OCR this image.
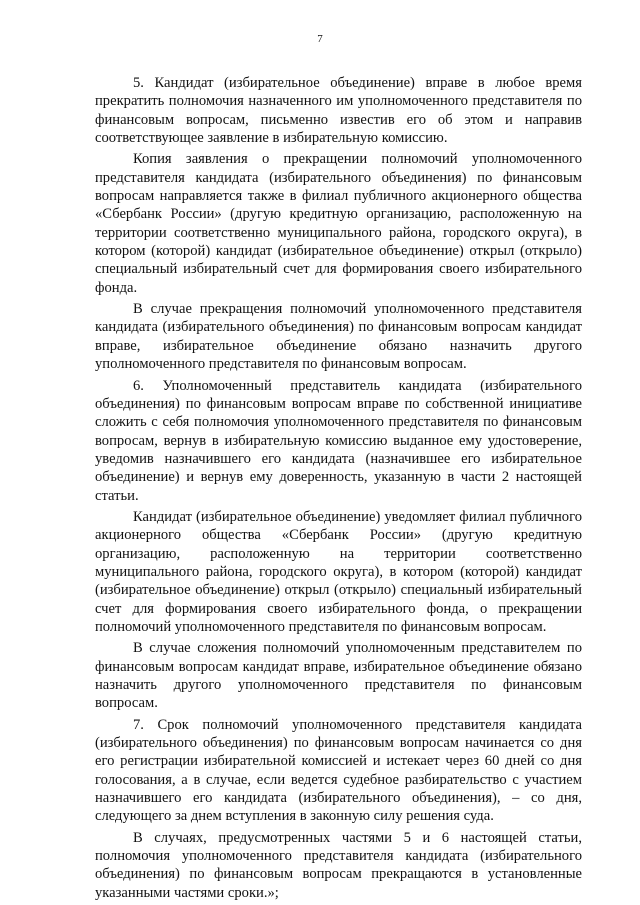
7

5. Кандидат (избирательное объединение) вправе в любое время прекратить полномочия назначенного им уполномоченного представителя по финансовым вопросам, письменно известив его об этом и направив соответствующее заявление в избирательную комиссию.

Копия заявления о прекращении полномочий уполномоченного представителя кандидата (избирательного объединения) по финансовым вопросам направляется также в филиал публичного акционерного общества «Сбербанк России» (другую кредитную организацию, расположенную на территории соответственно муниципального района, городского округа), в котором (которой) кандидат (избирательное объединение) открыл (открыло) специальный избирательный счет для формирования своего избирательного фонда.

В случае прекращения полномочий уполномоченного представителя кандидата (избирательного объединения) по финансовым вопросам кандидат вправе, избирательное объединение обязано назначить другого уполномоченного представителя по финансовым вопросам.

6. Уполномоченный представитель кандидата (избирательного объединения) по финансовым вопросам вправе по собственной инициативе сложить с себя полномочия уполномоченного представителя по финансовым вопросам, вернув в избирательную комиссию выданное ему удостоверение, уведомив назначившего его кандидата (назначившее его избирательное объединение) и вернув ему доверенность, указанную в части 2 настоящей статьи.

Кандидат (избирательное объединение) уведомляет филиал публичного акционерного общества «Сбербанк России» (другую кредитную организацию, расположенную на территории соответственно муниципального района, городского округа), в котором (которой) кандидат (избирательное объединение) открыл (открыло) специальный избирательный счет для формирования своего избирательного фонда, о прекращении полномочий уполномоченного представителя по финансовым вопросам.

В случае сложения полномочий уполномоченным представителем по финансовым вопросам кандидат вправе, избирательное объединение обязано назначить другого уполномоченного представителя по финансовым вопросам.

7. Срок полномочий уполномоченного представителя кандидата (избирательного объединения) по финансовым вопросам начинается со дня его регистрации избирательной комиссией и истекает через 60 дней со дня голосования, а в случае, если ведется судебное разбирательство с участием назначившего его кандидата (избирательного объединения), – со дня, следующего за днем вступления в законную силу решения суда.

В случаях, предусмотренных частями 5 и 6 настоящей статьи, полномочия уполномоченного представителя кандидата (избирательного объединения) по финансовым вопросам прекращаются в установленные указанными частями сроки.»;
